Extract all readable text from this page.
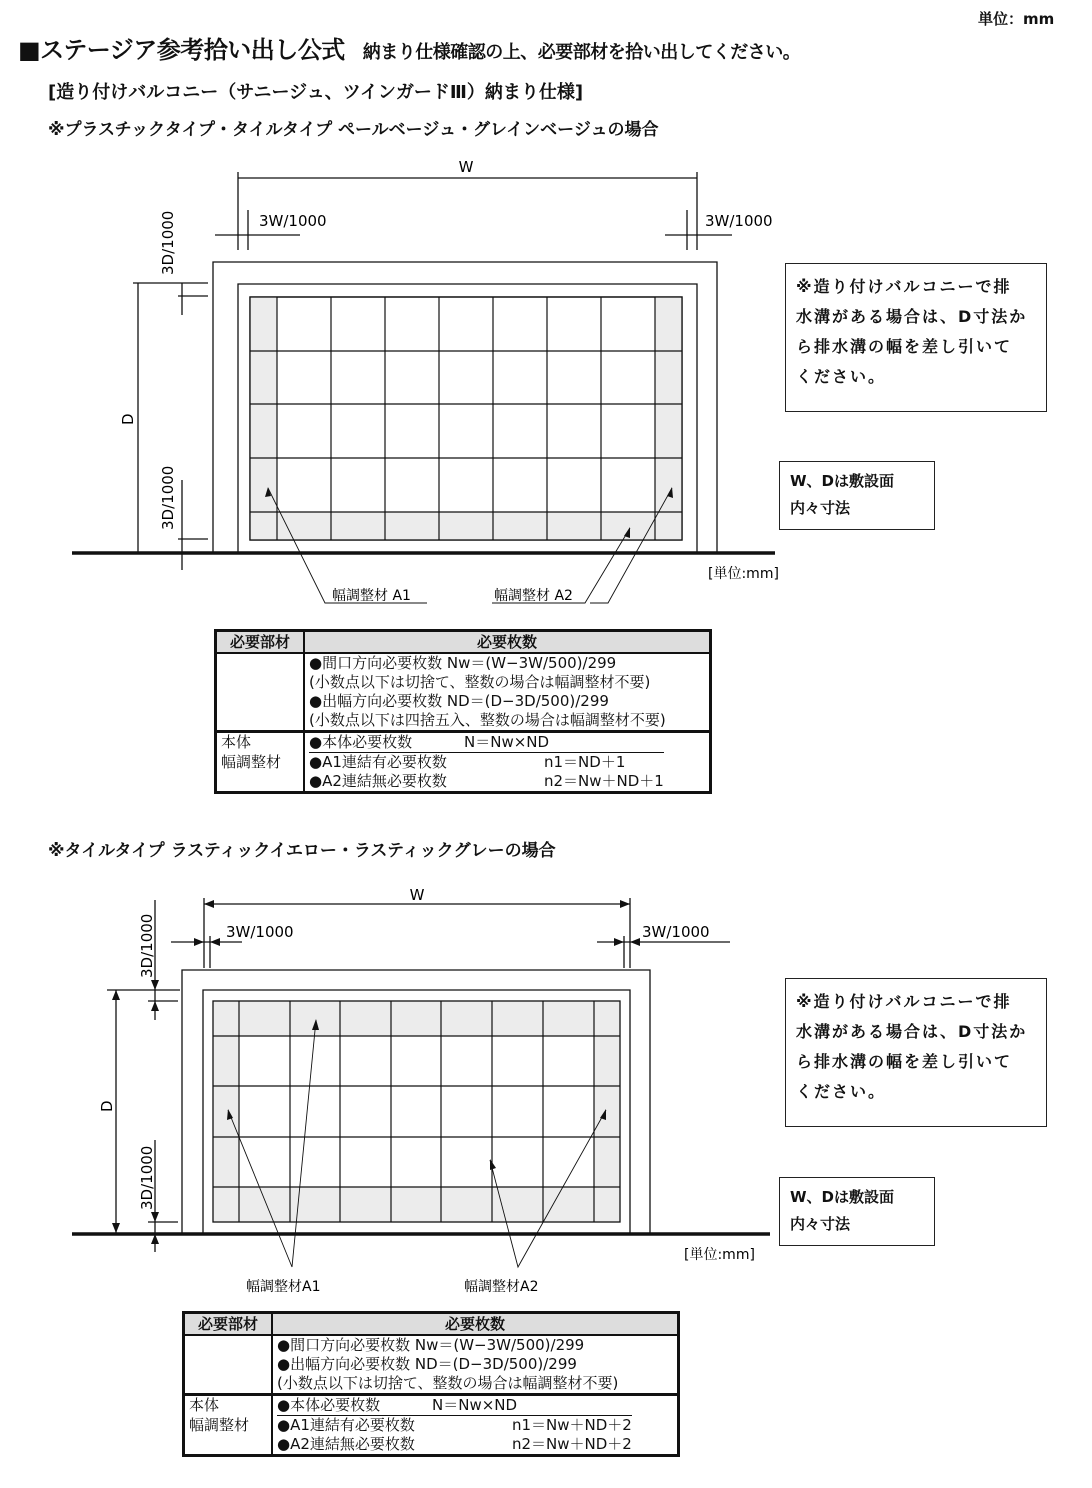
単位：mm
■ステージア参考拾い出し公式 納まり仕様確認の上、必要部材を拾い出してください。
[造り付けバルコニー（サニージュ、ツインガードⅢ）納まり仕様]
※プラスチックタイプ・タイルタイプ ペールベージュ・グレインベージュの場合
W
3W/1000	3W/1000
3D/1000
3D/1000
D
[単位:mm]
幅調整材 A1	幅調整材 A2
※造り付けバルコニーで排
水溝がある場合は、D寸法か
ら排水溝の幅を差し引いて
ください。
W、Dは敷設面
内々寸法
必要部材	必要枚数

	●間口方向必要枚数 Nw＝(W−3W/500)/299
(小数点以下は切捨て、整数の場合は幅調整材不要)
●出幅方向必要枚数 ND＝(D−3D/500)/299
(小数点以下は四捨五入、整数の場合は幅調整材不要)

本体	●本体必要枚数 N＝Nw×ND

幅調整材	●A1連結有必要枚数 n1＝ND＋1
●A2連結無必要枚数 n2＝Nw＋ND＋1
※タイルタイプ ラスティックイエロー・ラスティックグレーの場合
W
3W/1000	3W/1000
3D/1000
3D/1000
D
[単位:mm]
幅調整材A1	幅調整材A2
※造り付けバルコニーで排
水溝がある場合は、D寸法か
ら排水溝の幅を差し引いて
ください。
W、Dは敷設面
内々寸法
必要部材	必要枚数

	●間口方向必要枚数 Nw＝(W−3W/500)/299
●出幅方向必要枚数 ND＝(D−3D/500)/299
(小数点以下は切捨て、整数の場合は幅調整材不要)

本体	●本体必要枚数 N＝Nw×ND

幅調整材	●A1連結有必要枚数 n1＝Nw＋ND＋2
●A2連結無必要枚数 n2＝Nw＋ND＋2
